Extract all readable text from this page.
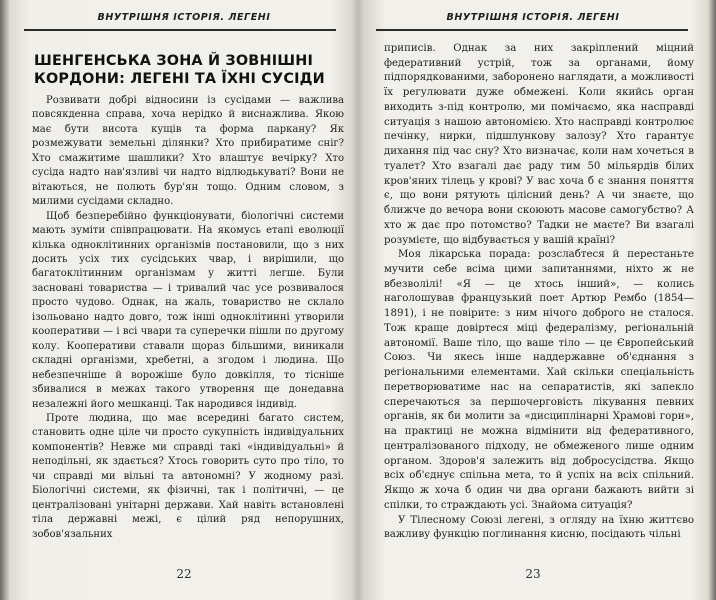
ВНУТРІШНЯ ІСТОРІЯ. ЛЕГЕНІ
ШЕНГЕНСЬКА ЗОНА Й ЗОВНІШНІ КОРДОНИ: ЛЕГЕНІ ТА ЇХНІ СУСІДИ

Розвивати добрі відносини із сусідами — важлива повсякденна справа, хоча нерідко й виснажлива. Якою має бути висота кущів та форма паркану? Як розмежувати земельні ділянки? Хто прибиратиме сніг? Хто смажитиме шашлики? Хто влаштує вечірку? Хто сусіда надто нав'язливі чи надто відлюдькуваті? Вони не вітаються, не полють бур'ян тощо. Одним словом, з милими сусідами складно.

Щоб безперебійно функціонувати, біологічні системи мають зуміти співпрацювати. На якомусь етапі еволюції кілька одноклітинних організмів постановили, що з них досить усіх тих сусідських чвар, і вирішили, що багатоклітинним організмам у житті легше. Були засновані товариства — і тривалий час усе розвивалося просто чудово. Однак, на жаль, товариство не склало ізольовано надто довго, тож інші одноклітинні утворили кооперативи — і всі чвари та суперечки пішли по другому колу. Кооперативи ставали щораз більшими, виникали складні організми, хребетні, а згодом і людина. Що небезпечніше й ворожіше було довкілля, то тісніше збивалися в межах такого утворення ще донедавна незалежні його мешканці. Так народився індивід.

Проте людина, що має всередині багато систем, становить одне ціле чи просто сукупність індивідуальних компонентів? Невже ми справді такі «індивідуальні» й неподільні, як здається? Хтось говорить суто про тіло, то чи справді ми вільні та автономні? У жодному разі. Біологічні системи, як фізичні, так і політичні, — це централізовані унітарні держави. Хай навіть встановлені тіла державні межі, є цілий ряд непорушних, зобов'язальних

22
ВНУТРІШНЯ ІСТОРІЯ. ЛЕГЕНІ

приписів. Однак за них закріплений міцний федеративний устрій, тож за органами, йому підпорядкованими, заборонено наглядати, а можливості їх регулювати дуже обмежені. Коли якийсь орган виходить з-під контролю, ми помічаємо, яка насправді ситуація з нашою автономією. Хто насправді контролює печінку, нирки, підшлункову залозу? Хто гарантує дихання під час сну? Хто визначає, коли нам хочеться в туалет? Хто взагалі дає раду тим 50 мільярдів білих кров'яних тілець у крові? У вас хоча б є знання поняття є, що вони рятують цілісний день? А чи знаєте, що ближче до вечора вони скоюють масове самогубство? А хто ж дає про потомство? Тадки не маєте? Ви взагалі розумієте, що відбувається у вашій країні?

Моя лікарська порада: розслабтеся й перестаньте мучити себе всіма цими запитаннями, ніхто ж не вбезволілі! «Я — це хтось інший», — колись наголошував французький поет Артюр Рембо (1854—1891), і не повірите: з ним нічого доброго не сталося. Тож краще довіртеся міці федералізму, регіональній автономії. Ваше тіло, що ваше тіло — це Європейський Союз. Чи якесь інше наддержавне об'єднання з регіональними елементами. Хай скільки спеціальність перетворюватиме нас на сепаратистів, які запекло сперечаються за першочерговість лікування певних органів, як би молити за «дисциплінарні Храмові гори», на практиці не можна відмінити від федеративного, централізованого підходу, не обмеженого лише одним органом. Здоров'я залежить від добросусідства. Якщо всіх об'єднує спільна мета, то й успіх на всіх спільний. Якщо ж хоча б один чи два органи бажають вийти зі спілки, то страждають усі. Знайома ситуація?

У Тілесному Союзі легені, з огляду на їхню життєво важливу функцію поглинання кисню, посідають чільні

23
